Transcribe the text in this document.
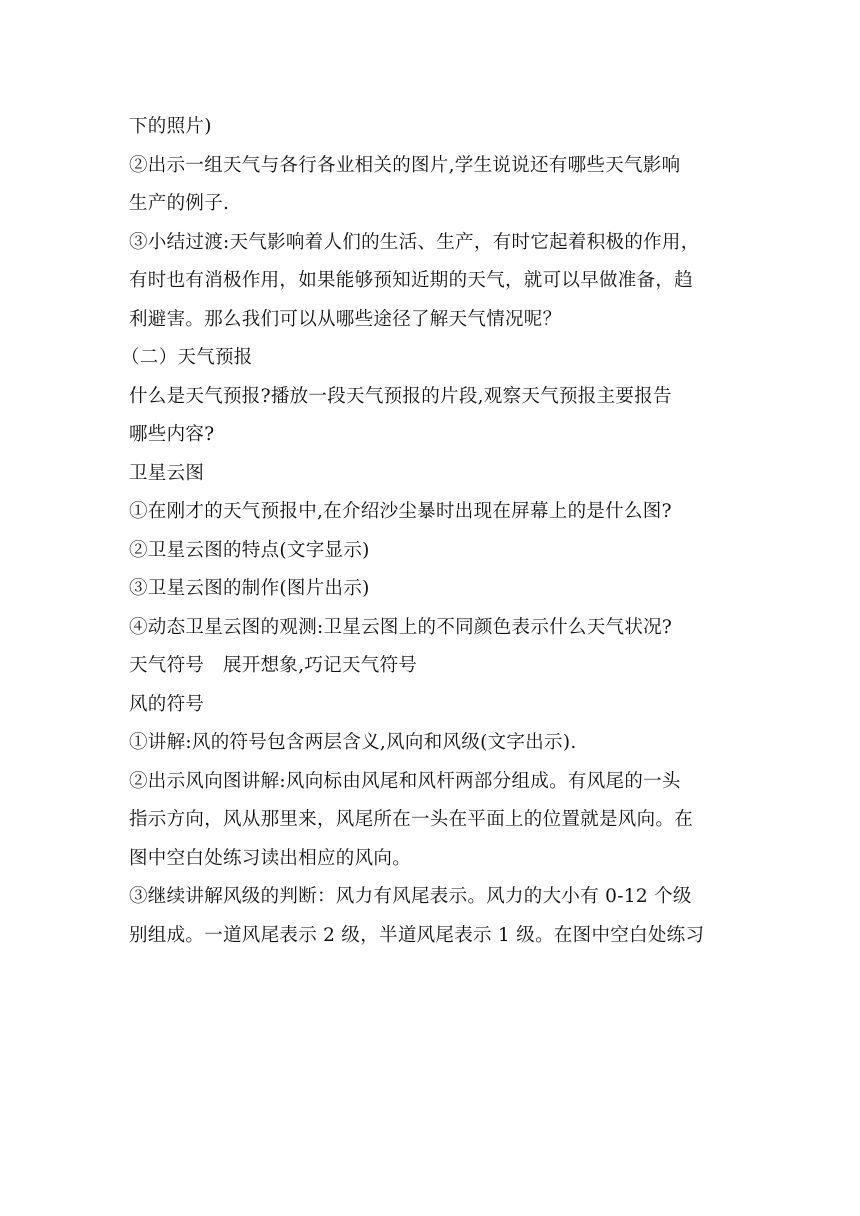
下的照片)
②出示一组天气与各行各业相关的图片,学生说说还有哪些天气影响
生产的例子.
③小结过渡:天气影响着人们的生活、生产，有时它起着积极的作用，
有时也有消极作用，如果能够预知近期的天气，就可以早做准备，趋
利避害。那么我们可以从哪些途径了解天气情况呢？
（二）天气预报
什么是天气预报?播放一段天气预报的片段,观察天气预报主要报告
哪些内容?
卫星云图
①在刚才的天气预报中,在介绍沙尘暴时出现在屏幕上的是什么图?
②卫星云图的特点(文字显示)
③卫星云图的制作(图片出示)
④动态卫星云图的观测:卫星云图上的不同颜色表示什么天气状况?
天气符号　展开想象,巧记天气符号
风的符号
①讲解:风的符号包含两层含义,风向和风级(文字出示).
②出示风向图讲解:风向标由风尾和风杆两部分组成。有风尾的一头
指示方向，风从那里来，风尾所在一头在平面上的位置就是风向。在
图中空白处练习读出相应的风向。
③继续讲解风级的判断：风力有风尾表示。风力的大小有 0-12 个级
别组成。一道风尾表示 2 级，半道风尾表示 1 级。在图中空白处练习
